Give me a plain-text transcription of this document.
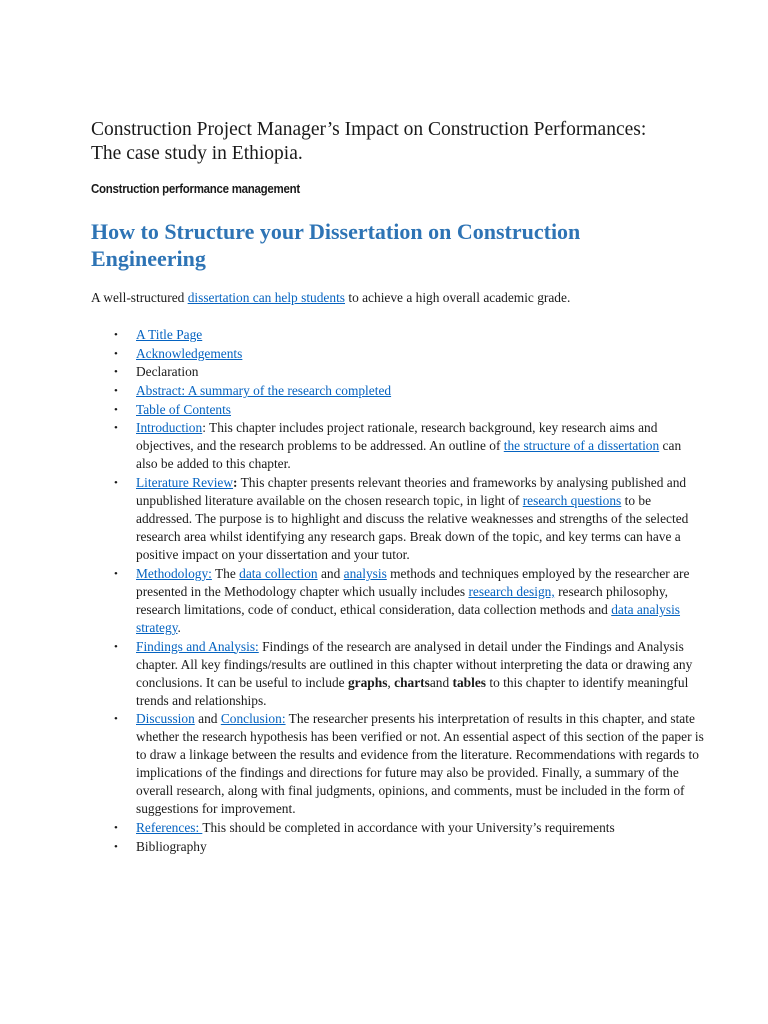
Construction Project Manager’s Impact on Construction Performances:
The case study in Ethiopia.

Construction performance management

How to Structure your Dissertation on Construction
Engineering

A well-structured dissertation can help students to achieve a high overall academic grade.

• A Title Page
• Acknowledgements
• Declaration
• Abstract: A summary of the research completed
• Table of Contents
• Introduction: This chapter includes project rationale, research background, key research aims and objectives, and the research problems to be addressed. An outline of the structure of a dissertation can also be added to this chapter.
• Literature Review: This chapter presents relevant theories and frameworks by analysing published and unpublished literature available on the chosen research topic, in light of research questions to be addressed. The purpose is to highlight and discuss the relative weaknesses and strengths of the selected research area whilst identifying any research gaps. Break down of the topic, and key terms can have a positive impact on your dissertation and your tutor.
• Methodology: The data collection and analysis methods and techniques employed by the researcher are presented in the Methodology chapter which usually includes research design, research philosophy, research limitations, code of conduct, ethical consideration, data collection methods and data analysis strategy.
• Findings and Analysis: Findings of the research are analysed in detail under the Findings and Analysis chapter. All key findings/results are outlined in this chapter without interpreting the data or drawing any conclusions. It can be useful to include graphs, chartsand tables to this chapter to identify meaningful trends and relationships.
• Discussion and Conclusion: The researcher presents his interpretation of results in this chapter, and state whether the research hypothesis has been verified or not. An essential aspect of this section of the paper is to draw a linkage between the results and evidence from the literature. Recommendations with regards to implications of the findings and directions for future may also be provided. Finally, a summary of the overall research, along with final judgments, opinions, and comments, must be included in the form of suggestions for improvement.
• References: This should be completed in accordance with your University’s requirements
• Bibliography
